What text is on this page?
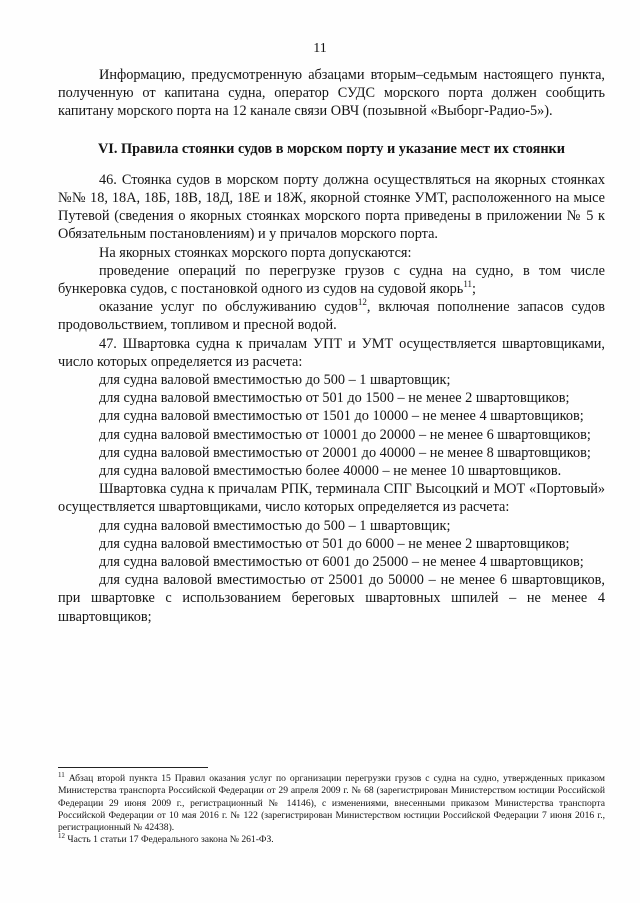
11

Информацию, предусмотренную абзацами вторым–седьмым настоящего пункта, полученную от капитана судна, оператор СУДС морского порта должен сообщить капитану морского порта на 12 канале связи ОВЧ (позывной «Выборг-Радио-5»).

VI. Правила стоянки судов в морском порту и указание мест их стоянки

46. Стоянка судов в морском порту должна осуществляться на якорных стоянках №№ 18, 18А, 18Б, 18В, 18Д, 18Е и 18Ж, якорной стоянке УМТ, расположенного на мысе Путевой (сведения о якорных стоянках морского порта приведены в приложении № 5 к Обязательным постановлениям) и у причалов морского порта.

На якорных стоянках морского порта допускаются:

проведение операций по перегрузке грузов с судна на судно, в том числе бункеровка судов, с постановкой одного из судов на судовой якорь$^{11}$;

оказание услуг по обслуживанию судов$^{12}$, включая пополнение запасов судов продовольствием, топливом и пресной водой.

47. Швартовка судна к причалам УПТ и УМТ осуществляется швартовщиками, число которых определяется из расчета:

для судна валовой вместимостью до 500 – 1 швартовщик;

для судна валовой вместимостью от 501 до 1500 – не менее 2 швартовщиков;

для судна валовой вместимостью от 1501 до 10000 – не менее 4 швартовщиков;

для судна валовой вместимостью от 10001 до 20000 – не менее 6 швартовщиков;

для судна валовой вместимостью от 20001 до 40000 – не менее 8 швартовщиков;

для судна валовой вместимостью более 40000 – не менее 10 швартовщиков.

Швартовка судна к причалам РПК, терминала СПГ Высоцкий и МОТ «Портовый» осуществляется швартовщиками, число которых определяется из расчета:

для судна валовой вместимостью до 500 – 1 швартовщик;

для судна валовой вместимостью от 501 до 6000 – не менее 2 швартовщиков;

для судна валовой вместимостью от 6001 до 25000 – не менее 4 швартовщиков;

для судна валовой вместимостью от 25001 до 50000 – не менее 6 швартовщиков, при швартовке с использованием береговых швартовных шпилей – не менее 4 швартовщиков;

$^{11}$ Абзац второй пункта 15 Правил оказания услуг по организации перегрузки грузов с судна на судно, утвержденных приказом Министерства транспорта Российской Федерации от 29 апреля 2009 г. № 68 (зарегистрирован Министерством юстиции Российской Федерации 29 июня 2009 г., регистрационный № 14146), с изменениями, внесенными приказом Министерства транспорта Российской Федерации от 10 мая 2016 г. № 122 (зарегистрирован Министерством юстиции Российской Федерации 7 июня 2016 г., регистрационный № 42438).

$^{12}$ Часть 1 статьи 17 Федерального закона № 261-ФЗ.
